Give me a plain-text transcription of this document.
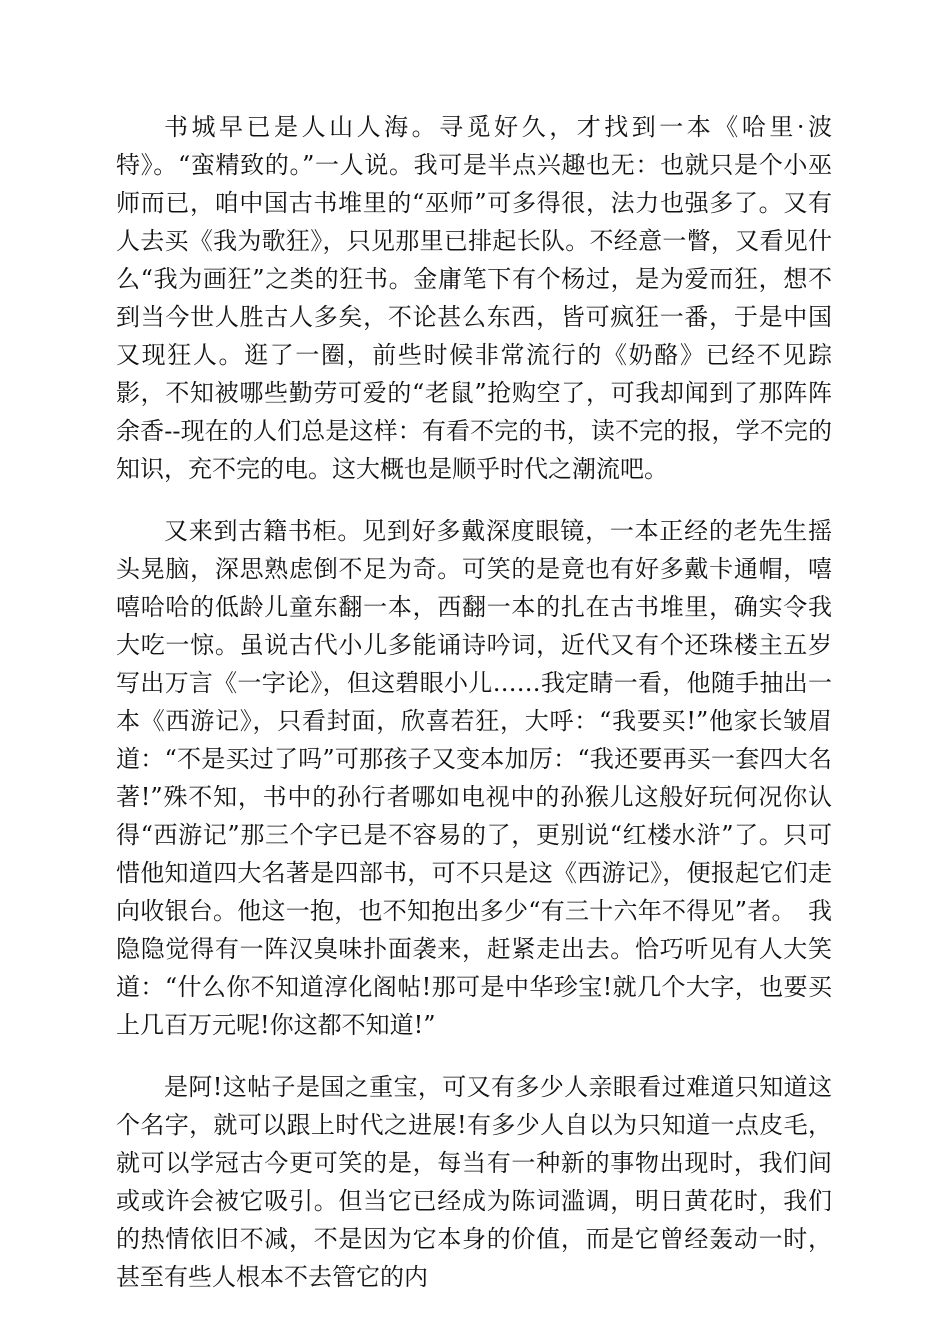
书城早已是人山人海。寻觅好久，才找到一本《哈里·波特》。“蛮精致的。”一人说。我可是半点兴趣也无：也就只是个小巫师而已，咱中国古书堆里的“巫师”可多得很，法力也强多了。又有人去买《我为歌狂》，只见那里已排起长队。不经意一瞥，又看见什么“我为画狂”之类的狂书。金庸笔下有个杨过，是为爱而狂，想不到当今世人胜古人多矣，不论甚么东西，皆可疯狂一番，于是中国又现狂人。逛了一圈，前些时候非常流行的《奶酪》已经不见踪影，不知被哪些勤劳可爱的“老鼠”抢购空了，可我却闻到了那阵阵余香--现在的人们总是这样：有看不完的书，读不完的报，学不完的知识，充不完的电。这大概也是顺乎时代之潮流吧。

又来到古籍书柜。见到好多戴深度眼镜，一本正经的老先生摇头晃脑，深思熟虑倒不足为奇。可笑的是竟也有好多戴卡通帽，嘻嘻哈哈的低龄儿童东翻一本，西翻一本的扎在古书堆里，确实令我大吃一惊。虽说古代小儿多能诵诗吟词，近代又有个还珠楼主五岁写出万言《一字论》，但这碧眼小儿……我定睛一看，他随手抽出一本《西游记》，只看封面，欣喜若狂，大呼：“我要买!”他家长皱眉道：“不是买过了吗”可那孩子又变本加厉：“我还要再买一套四大名著!”殊不知，书中的孙行者哪如电视中的孙猴儿这般好玩何况你认得“西游记”那三个字已是不容易的了，更别说“红楼水浒”了。只可惜他知道四大名著是四部书，可不只是这《西游记》，便报起它们走向收银台。他这一抱，也不知抱出多少“有三十六年不得见”者。　我隐隐觉得有一阵汉臭味扑面袭来，赶紧走出去。恰巧听见有人大笑道：“什么你不知道淳化阁帖!那可是中华珍宝!就几个大字，也要买上几百万元呢!你这都不知道!”

是阿!这帖子是国之重宝，可又有多少人亲眼看过难道只知道这个名字，就可以跟上时代之进展!有多少人自以为只知道一点皮毛，就可以学冠古今更可笑的是，每当有一种新的事物出现时，我们间或或许会被它吸引。但当它已经成为陈词滥调，明日黄花时，我们的热情依旧不减，不是因为它本身的价值，而是它曾经轰动一时，甚至有些人根本不去管它的内
